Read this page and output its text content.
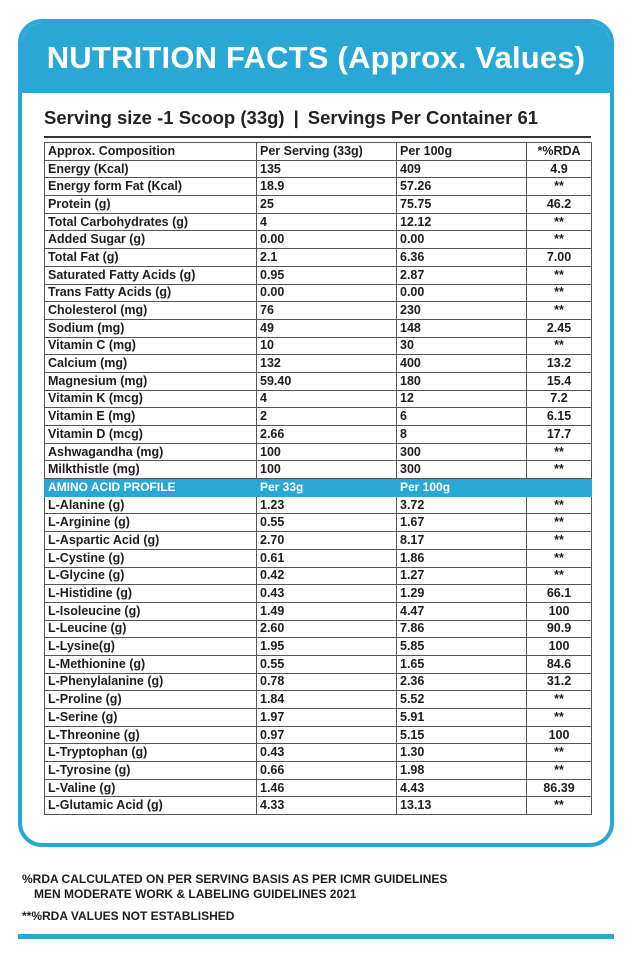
NUTRITION FACTS (Approx. Values)
Serving size -1 Scoop (33g) | Servings Per Container 61
Approx. Composition	Per Serving (33g)	Per 100g	*%RDA
Energy (Kcal)	135	409	4.9
Energy form Fat (Kcal)	18.9	57.26	**
Protein (g)	25	75.75	46.2
Total Carbohydrates (g)	4	12.12	**
Added Sugar (g)	0.00	0.00	**
Total Fat (g)	2.1	6.36	7.00
Saturated Fatty Acids (g)	0.95	2.87	**
Trans Fatty Acids (g)	0.00	0.00	**
Cholesterol (mg)	76	230	**
Sodium (mg)	49	148	2.45
Vitamin C (mg)	10	30	**
Calcium (mg)	132	400	13.2
Magnesium (mg)	59.40	180	15.4
Vitamin K (mcg)	4	12	7.2
Vitamin E (mg)	2	6	6.15
Vitamin D (mcg)	2.66	8	17.7
Ashwagandha (mg)	100	300	**
Milkthistle (mg)	100	300	**
AMINO ACID PROFILE	Per 33g	Per 100g	
L-Alanine (g)	1.23	3.72	**
L-Arginine (g)	0.55	1.67	**
L-Aspartic Acid (g)	2.70	8.17	**
L-Cystine (g)	0.61	1.86	**
L-Glycine (g)	0.42	1.27	**
L-Histidine (g)	0.43	1.29	66.1
L-Isoleucine (g)	1.49	4.47	100
L-Leucine (g)	2.60	7.86	90.9
L-Lysine(g)	1.95	5.85	100
L-Methionine (g)	0.55	1.65	84.6
L-Phenylalanine (g)	0.78	2.36	31.2
L-Proline (g)	1.84	5.52	**
L-Serine (g)	1.97	5.91	**
L-Threonine (g)	0.97	5.15	100
L-Tryptophan (g)	0.43	1.30	**
L-Tyrosine (g)	0.66	1.98	**
L-Valine (g)	1.46	4.43	86.39
L-Glutamic Acid (g)	4.33	13.13	**
%RDA CALCULATED ON PER SERVING BASIS AS PER ICMR GUIDELINES
MEN MODERATE WORK & LABELING GUIDELINES 2021
**%RDA VALUES NOT ESTABLISHED
